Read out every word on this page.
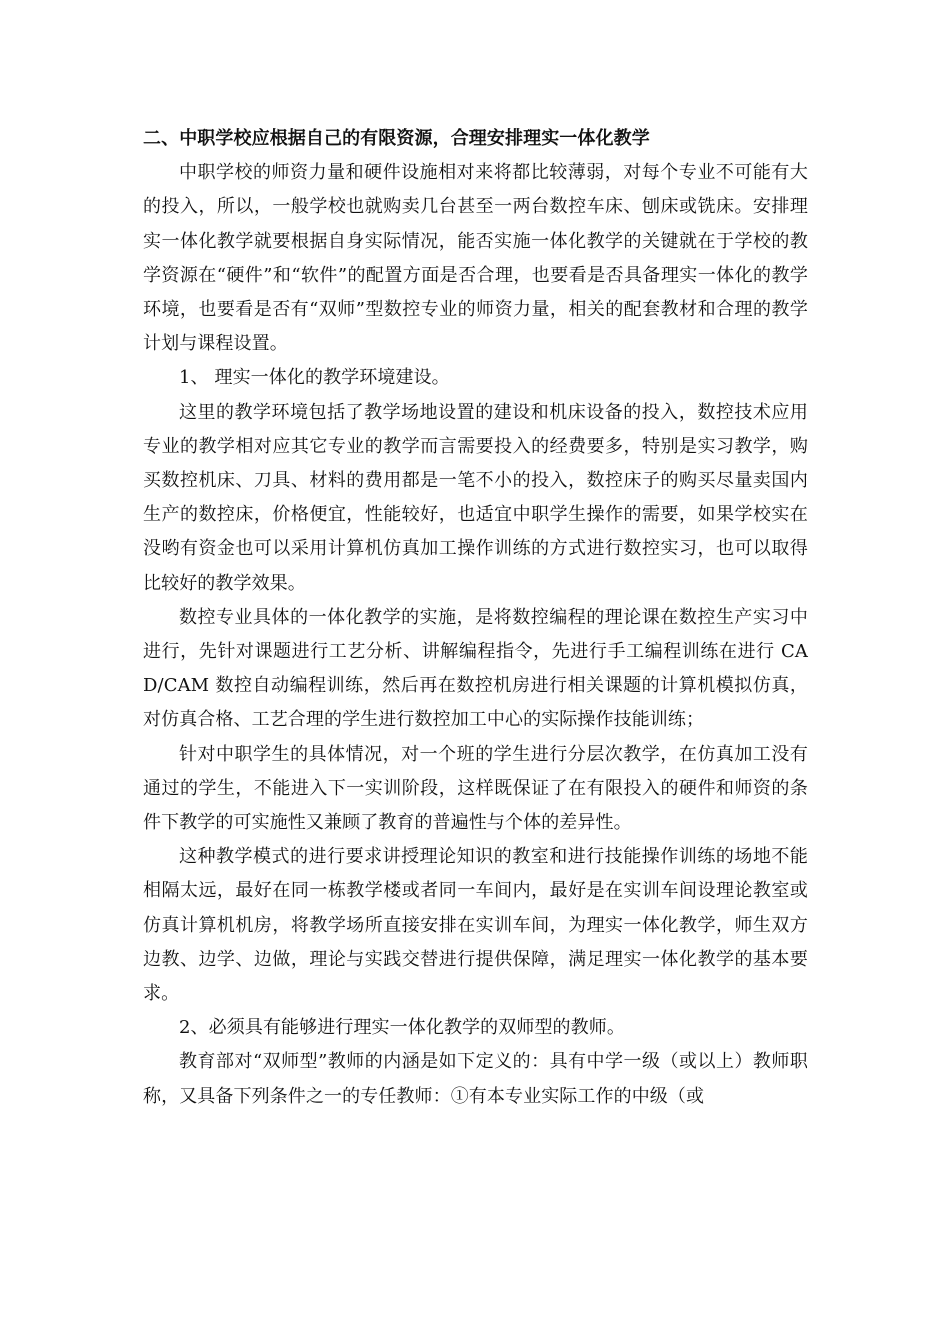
二、中职学校应根据自己的有限资源，合理安排理实一体化教学

中职学校的师资力量和硬件设施相对来将都比较薄弱，对每个专业不可能有大的投入，所以，一般学校也就购卖几台甚至一两台数控车床、刨床或铣床。安排理实一体化教学就要根据自身实际情况，能否实施一体化教学的关键就在于学校的教学资源在“硬件”和“软件”的配置方面是否合理，也要看是否具备理实一体化的教学环境，也要看是否有“双师”型数控专业的师资力量，相关的配套教材和合理的教学计划与课程设置。

1、 理实一体化的教学环境建设。

这里的教学环境包括了教学场地设置的建设和机床设备的投入，数控技术应用专业的教学相对应其它专业的教学而言需要投入的经费要多，特别是实习教学，购买数控机床、刀具、材料的费用都是一笔不小的投入，数控床子的购买尽量卖国内生产的数控床，价格便宜，性能较好，也适宜中职学生操作的需要，如果学校实在没哟有资金也可以采用计算机仿真加工操作训练的方式进行数控实习，也可以取得比较好的教学效果。

数控专业具体的一体化教学的实施，是将数控编程的理论课在数控生产实习中进行，先针对课题进行工艺分析、讲解编程指令，先进行手工编程训练在进行 CAD/CAM 数控自动编程训练，然后再在数控机房进行相关课题的计算机模拟仿真，对仿真合格、工艺合理的学生进行数控加工中心的实际操作技能训练；

针对中职学生的具体情况，对一个班的学生进行分层次教学，在仿真加工没有通过的学生，不能进入下一实训阶段，这样既保证了在有限投入的硬件和师资的条件下教学的可实施性又兼顾了教育的普遍性与个体的差异性。

这种教学模式的进行要求讲授理论知识的教室和进行技能操作训练的场地不能相隔太远，最好在同一栋教学楼或者同一车间内，最好是在实训车间设理论教室或仿真计算机机房，将教学场所直接安排在实训车间，为理实一体化教学，师生双方边教、边学、边做，理论与实践交替进行提供保障，满足理实一体化教学的基本要求。

2、必须具有能够进行理实一体化教学的双师型的教师。

教育部对“双师型”教师的内涵是如下定义的：具有中学一级（或以上）教师职称，又具备下列条件之一的专任教师：①有本专业实际工作的中级（或
